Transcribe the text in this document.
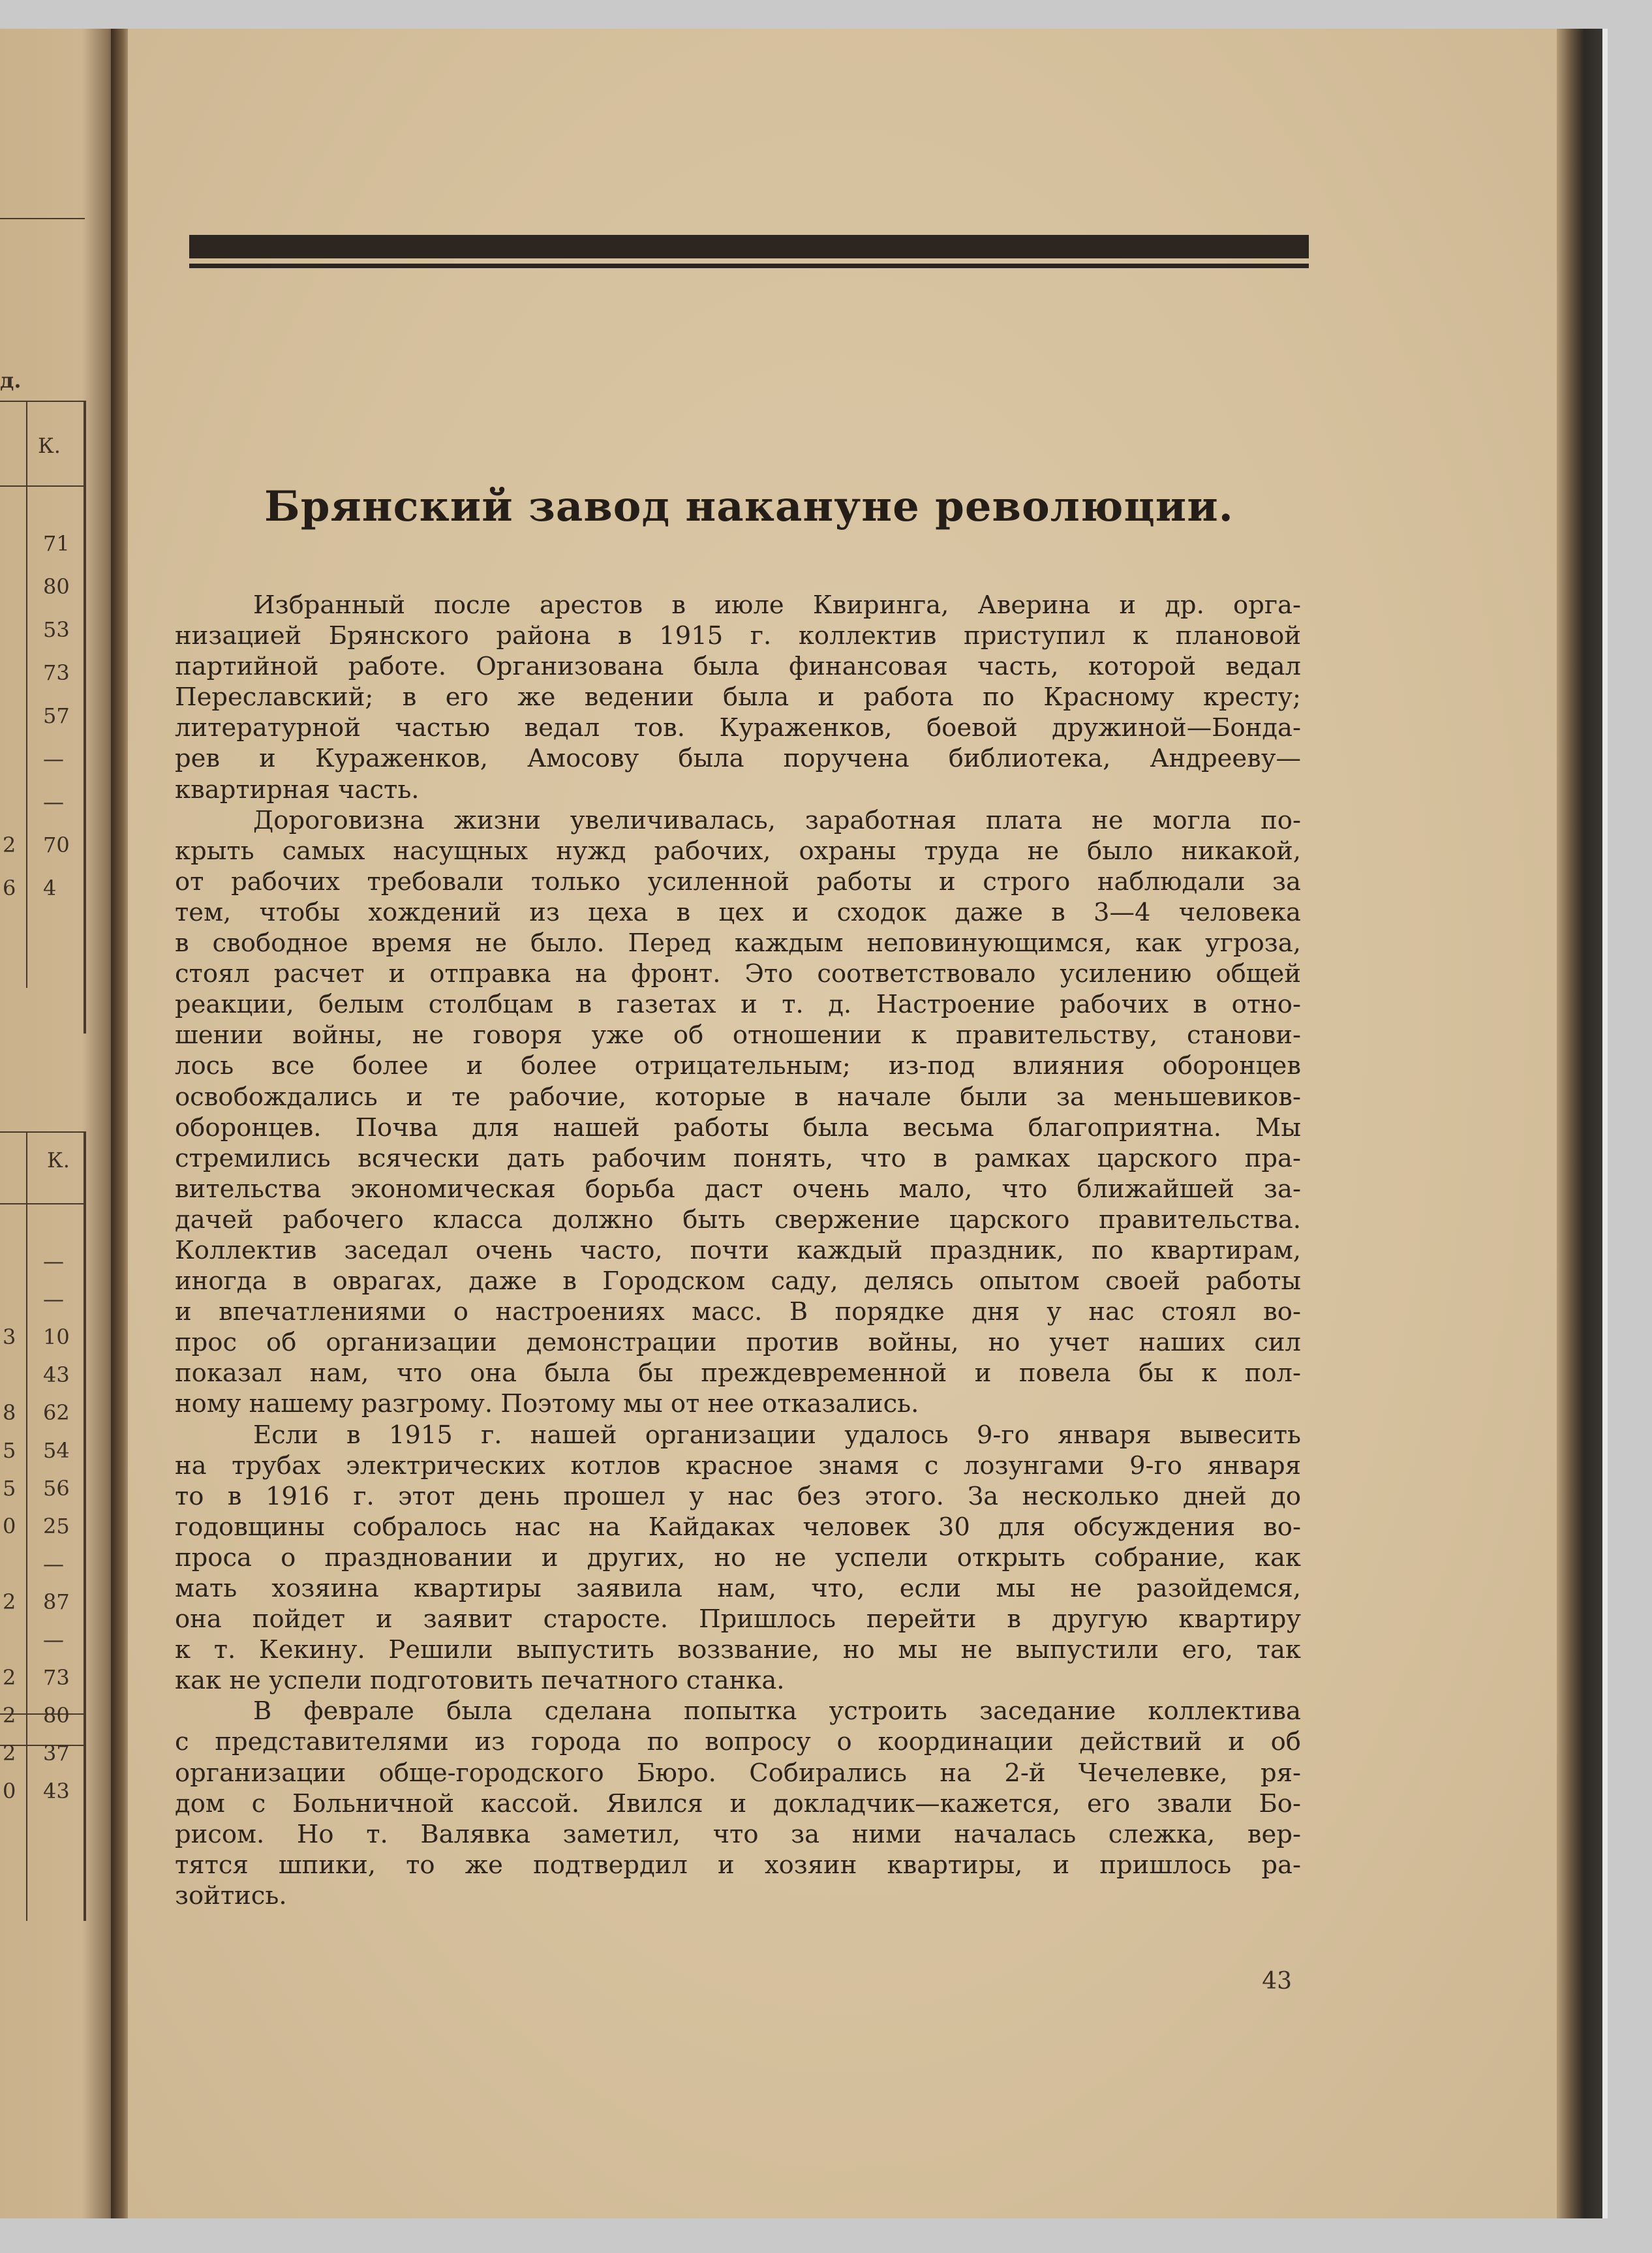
д.
К.
71
80
53
73
57
—
—
70
2
4
6
К.
—
—
10
3
43
62
8
54
5
56
5
25
0
—
87
2
—
73
2
80
2
37
2
43
0
Брянский завод накануне революции.
Избранный после арестов в июле Квиринга, Аверина и др. орга-
низацией Брянского района в 1915 г. коллектив приступил к плановой
партийной работе. Организована была финансовая часть, которой ведал
Переславский; в его же ведении была и работа по Красному кресту;
литературной частью ведал тов. Кураженков, боевой дружиной—Бонда-
рев и Кураженков, Амосову была поручена библиотека, Андрееву—
квартирная часть.
Дороговизна жизни увеличивалась, заработная плата не могла по-
крыть самых насущных нужд рабочих, охраны труда не было никакой,
от рабочих требовали только усиленной работы и строго наблюдали за
тем, чтобы хождений из цеха в цех и сходок даже в 3—4 человека
в свободное время не было. Перед каждым неповинующимся, как угроза,
стоял расчет и отправка на фронт. Это соответствовало усилению общей
реакции, белым столбцам в газетах и т. д. Настроение рабочих в отно-
шении войны, не говоря уже об отношении к правительству, станови-
лось все более и более отрицательным; из-под влияния оборонцев
освобождались и те рабочие, которые в начале были за меньшевиков-
оборонцев. Почва для нашей работы была весьма благоприятна. Мы
стремились всячески дать рабочим понять, что в рамках царского пра-
вительства экономическая борьба даст очень мало, что ближайшей за-
дачей рабочего класса должно быть свержение царского правительства.
Коллектив заседал очень часто, почти каждый праздник, по квартирам,
иногда в оврагах, даже в Городском саду, делясь опытом своей работы
и впечатлениями о настроениях масс. В порядке дня у нас стоял во-
прос об организации демонстрации против войны, но учет наших сил
показал нам, что она была бы преждевременной и повела бы к пол-
ному нашему разгрому. Поэтому мы от нее отказались.
Если в 1915 г. нашей организации удалось 9-го января вывесить
на трубах электрических котлов красное знамя с лозунгами 9-го января
то в 1916 г. этот день прошел у нас без этого. За несколько дней до
годовщины собралось нас на Кайдаках человек 30 для обсуждения во-
проса о праздновании и других, но не успели открыть собрание, как
мать хозяина квартиры заявила нам, что, если мы не разойдемся,
она пойдет и заявит старосте. Пришлось перейти в другую квартиру
к т. Кекину. Решили выпустить воззвание, но мы не выпустили его, так
как не успели подготовить печатного станка.
В феврале была сделана попытка устроить заседание коллектива
с представителями из города по вопросу о координации действий и об
организации обще-городского Бюро. Собирались на 2-й Чечелевке, ря-
дом с Больничной кассой. Явился и докладчик—кажется, его звали Бо-
рисом. Но т. Валявка заметил, что за ними началась слежка, вер-
тятся шпики, то же подтвердил и хозяин квартиры, и пришлось ра-
зойтись.
43
